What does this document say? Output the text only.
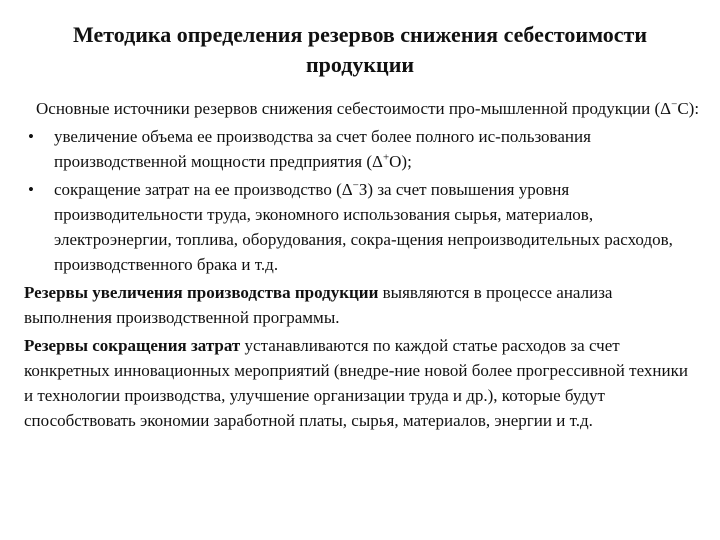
Методика определения резервов снижения себестоимости продукции

Основные источники резервов снижения себестоимости про-мышленной продукции (Δ−С):

• увеличение объема ее производства за счет более полного ис-пользования производственной мощности предприятия (Δ+О);
• сокращение затрат на ее производство (Δ−З) за счет повышения уровня производительности труда, экономного использования сырья, материалов, электроэнергии, топлива, оборудования, сокра-щения непроизводительных расходов, производственного брака и т.д.

Резервы увеличения производства продукции выявляются в процессе анализа выполнения производственной программы.

Резервы сокращения затрат устанавливаются по каждой статье расходов за счет конкретных инновационных мероприятий (внедре-ние новой более прогрессивной техники и технологии производства, улучшение организации труда и др.), которые будут способствовать экономии заработной платы, сырья, материалов, энергии и т.д.
